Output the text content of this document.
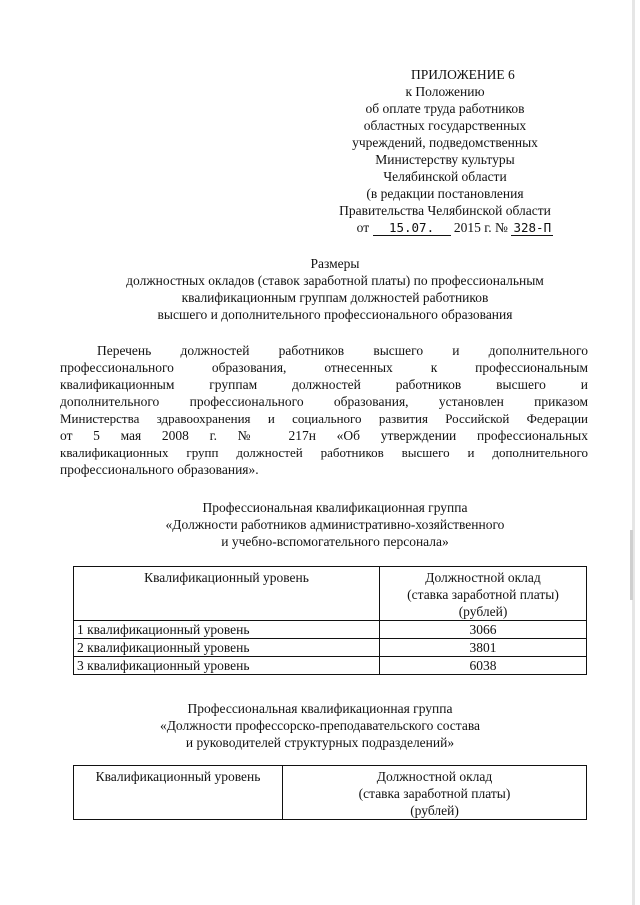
ПРИЛОЖЕНИЕ 6
к Положению
об оплате труда работников
областных государственных
учреждений, подведомственных
Министерству культуры
Челябинской области
(в редакции постановления
Правительства Челябинской области
от 15.07. 2015 г. № 328-П
Размеры
должностных окладов (ставок заработной платы) по профессиональным
квалификационным группам должностей работников
высшего и дополнительного профессионального образования
Перечень должностей работников высшего и дополнительного
профессионального образования, отнесенных к профессиональным
квалификационным группам должностей работников высшего и
дополнительного профессионального образования, установлен приказом
Министерства здравоохранения и социального развития Российской Федерации
от 5 мая 2008 г. № 217н «Об утверждении профессиональных
квалификационных групп должностей работников высшего и дополнительного
профессионального образования».
Профессиональная квалификационная группа
«Должности работников административно-хозяйственного
и учебно-вспомогательного персонала»
Квалификационный уровень	Должностной оклад
(ставка заработной платы)
(рублей)

1 квалификационный уровень	3066
2 квалификационный уровень	3801
3 квалификационный уровень	6038
Профессиональная квалификационная группа
«Должности профессорско-преподавательского состава
и руководителей структурных подразделений»
Квалификационный уровень	Должностной оклад
(ставка заработной платы)
(рублей)
